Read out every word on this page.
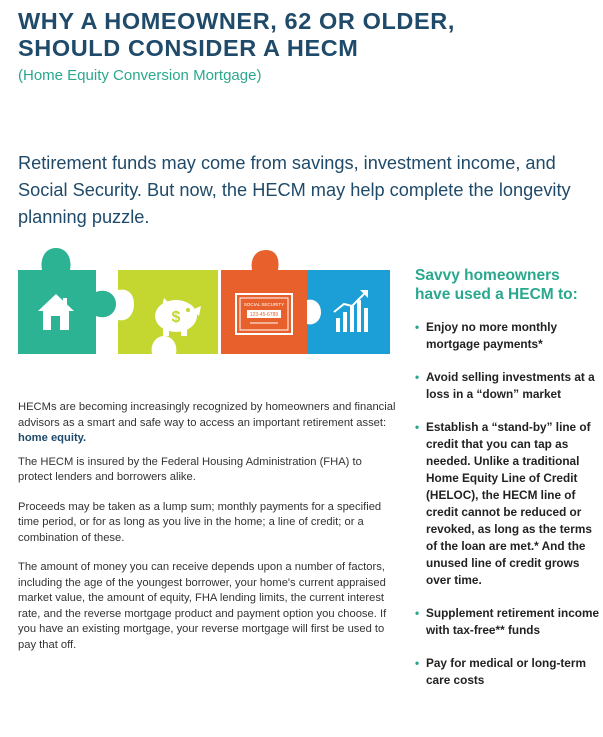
WHY A HOMEOWNER, 62 OR OLDER,
SHOULD CONSIDER A HECM

(Home Equity Conversion Mortgage)

Retirement funds may come from savings, investment income, and Social Security. But now, the HECM may help complete the longevity planning puzzle.

$
SOCIAL SECURITY
123-45-6789

HECMs are becoming increasingly recognized by homeowners and financial advisors as a smart and safe way to access an important retirement asset: home equity.

The HECM is insured by the Federal Housing Administration (FHA) to protect lenders and borrowers alike.

Proceeds may be taken as a lump sum; monthly payments for a specified time period, or for as long as you live in the home; a line of credit; or a combination of these.

The amount of money you can receive depends upon a number of factors, including the age of the youngest borrower, your home's current appraised market value, the amount of equity, FHA lending limits, the current interest rate, and the reverse mortgage product and payment option you choose. If you have an existing mortgage, your reverse mortgage will first be used to pay that off.

Savvy homeowners
have used a HECM to:
• Enjoy no more monthly mortgage payments*
• Avoid selling investments at a loss in a “down” market
• Establish a “stand-by” line of credit that you can tap as needed. Unlike a traditional Home Equity Line of Credit (HELOC), the HECM line of credit cannot be reduced or revoked, as long as the terms of the loan are met.* And the unused line of credit grows over time.
• Supplement retirement income with tax-free** funds
• Pay for medical or long-term care costs
